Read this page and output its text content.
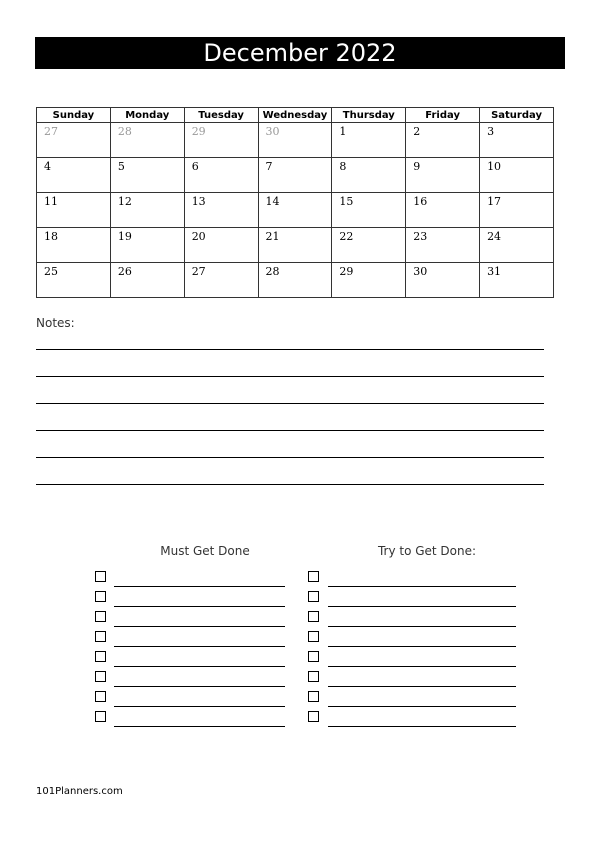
December 2022
Sunday	Monday	Tuesday	Wednesday	Thursday	Friday	Saturday
27	28	29	30	1	2	3
4	5	6	7	8	9	10
11	12	13	14	15	16	17
18	19	20	21	22	23	24
25	26	27	28	29	30	31
Notes:
Must Get Done	Try to Get Done:
101Planners.com
